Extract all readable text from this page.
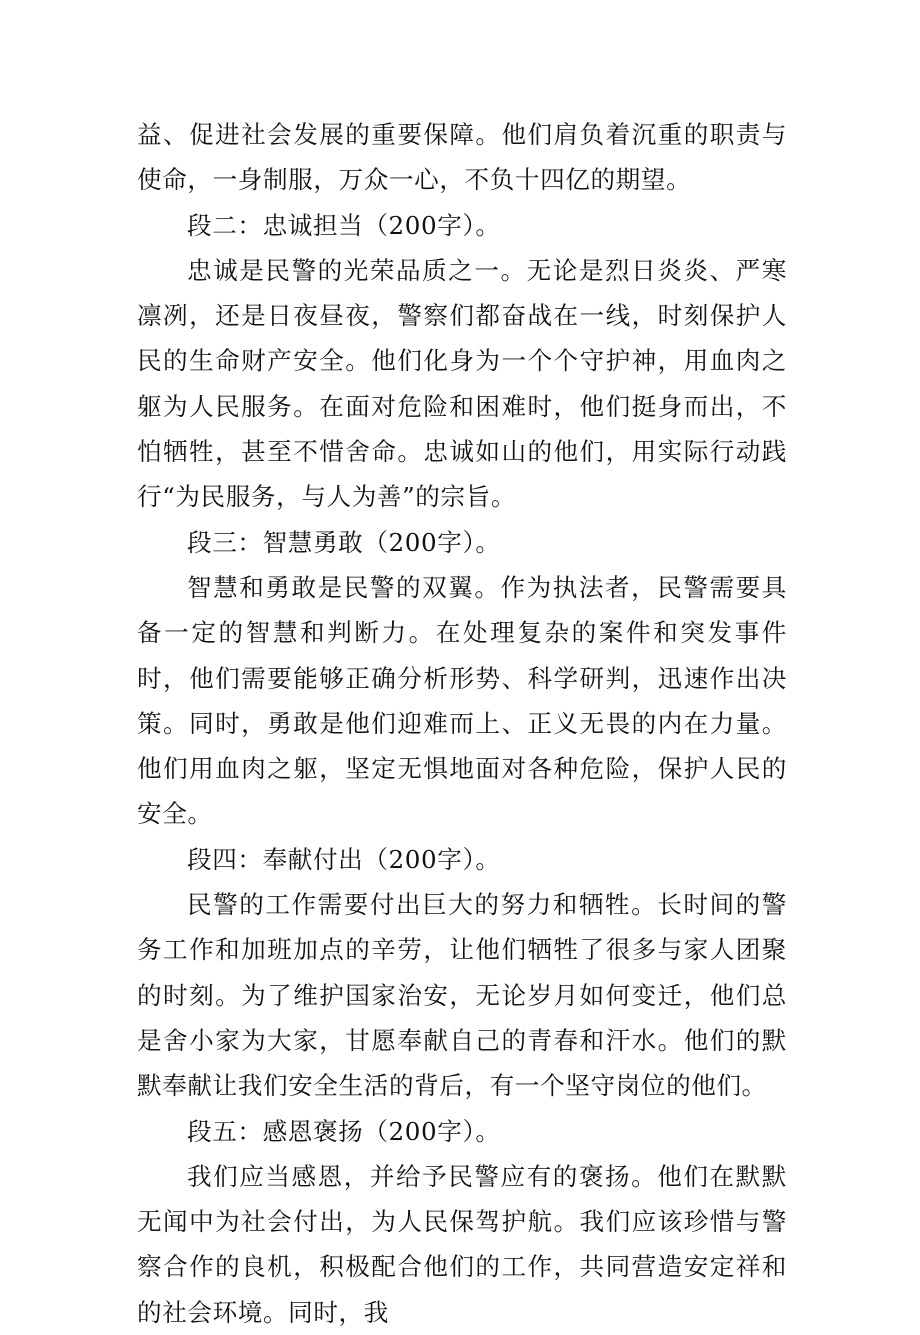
益、促进社会发展的重要保障。他们肩负着沉重的职责与使命，一身制服，万众一心，不负十四亿的期望。

段二：忠诚担当（200字）。

忠诚是民警的光荣品质之一。无论是烈日炎炎、严寒凛冽，还是日夜昼夜，警察们都奋战在一线，时刻保护人民的生命财产安全。他们化身为一个个守护神，用血肉之躯为人民服务。在面对危险和困难时，他们挺身而出，不怕牺牲，甚至不惜舍命。忠诚如山的他们，用实际行动践行“为民服务，与人为善”的宗旨。

段三：智慧勇敢（200字）。

智慧和勇敢是民警的双翼。作为执法者，民警需要具备一定的智慧和判断力。在处理复杂的案件和突发事件时，他们需要能够正确分析形势、科学研判，迅速作出决策。同时，勇敢是他们迎难而上、正义无畏的内在力量。他们用血肉之躯，坚定无惧地面对各种危险，保护人民的安全。

段四：奉献付出（200字）。

民警的工作需要付出巨大的努力和牺牲。长时间的警务工作和加班加点的辛劳，让他们牺牲了很多与家人团聚的时刻。为了维护国家治安，无论岁月如何变迁，他们总是舍小家为大家，甘愿奉献自己的青春和汗水。他们的默默奉献让我们安全生活的背后，有一个坚守岗位的他们。

段五：感恩褒扬（200字）。

我们应当感恩，并给予民警应有的褒扬。他们在默默无闻中为社会付出，为人民保驾护航。我们应该珍惜与警察合作的良机，积极配合他们的工作，共同营造安定祥和的社会环境。同时，我
